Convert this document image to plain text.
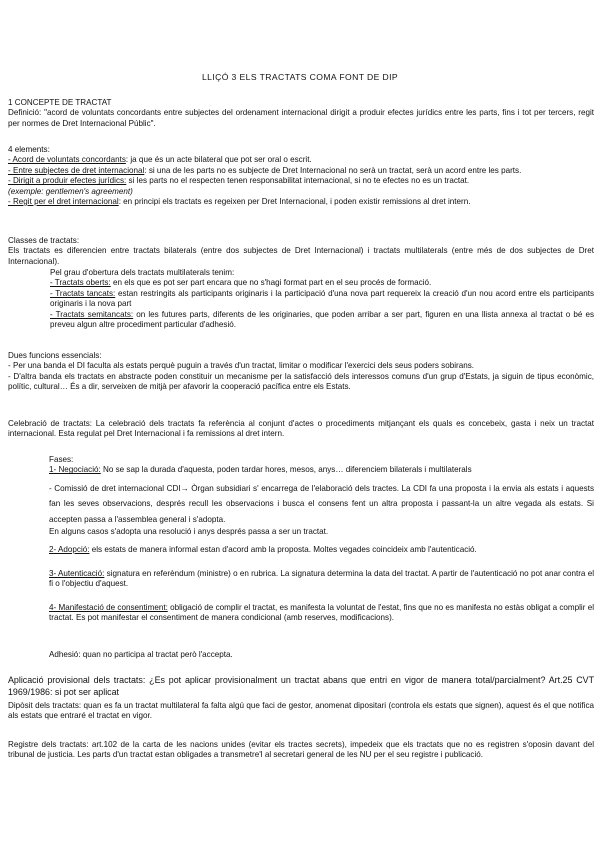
LLIÇÓ 3 ELS TRACTATS COMA FONT DE DIP
1 CONCEPTE DE TRACTAT
Definició: "acord de voluntats concordants entre subjectes del ordenament internacional dirigit a produir efectes jurídics entre les parts, fins i tot per tercers, regit per normes de Dret Internacional Públic".
4 elements:
- Acord de voluntats concordants: ja que és un acte bilateral que pot ser oral o escrit.
- Entre subjectes de dret internacional: si una de les parts no es subjecte de Dret Internacional no serà un tractat, serà un acord entre les parts.
- Dirigit a produir efectes jurídics: si les parts no el respecten tenen responsabilitat internacional, si no te efectes no es un tractat.
(exemple: gentlemen's agreement)
- Regit per el dret internacional: en principi els tractats es regeixen per Dret Internacional, i poden existir remissions al dret intern.
Classes de tractats:
Els tractats es diferencien entre tractats bilaterals (entre dos subjectes de Dret Internacional) i tractats multilaterals (entre més de dos subjectes de Dret Internacional).
Pel grau d'obertura dels tractats multilaterals tenim:
- Tractats oberts: en els que es pot ser part encara que no s'hagi format part en el seu procés de formació.
- Tractats tancats: estan restringits als participants originaris i la participació d'una nova part requereix la creació d'un nou acord entre els participants originaris i la nova part
- Tractats semitancats: on les futures parts, diferents de les originaries, que poden arribar a ser part, figuren en una llista annexa al tractat o bé es preveu algun altre procediment particular d'adhesió.
Dues funcions essencials:
- Per una banda el DI faculta als estats perquè puguin a través d'un tractat, limitar o modificar l'exercici dels seus poders sobirans.
- D'altra banda els tractats en abstracte poden constituir un mecanisme per la satisfacció dels interessos comuns d'un grup d'Estats, ja siguin de tipus econòmic, polític, cultural… És a dir, serveixen de mitjà per afavorir la cooperació pacífica entre els Estats.
Celebració de tractats: La celebració dels tractats fa referència al conjunt d'actes o procediments mitjançant els quals es concebeix, gasta i neix un tractat internacional. Esta regulat pel Dret Internacional i fa remissions al dret intern.
Fases:
1- Negociació: No se sap la durada d'aquesta, poden tardar hores, mesos, anys… diferenciem bilaterals i multilaterals
- Comissió de dret internacional CDI→ Òrgan subsidiari s' encarrega de l'elaboració dels tractes. La CDI fa una proposta i la envia als estats i aquests fan les seves observacions, després recull les observacions i busca el consens fent un altra proposta i passant-la un altre vegada als estats. Si accepten passa a l'assemblea general i s'adopta.
En alguns casos s'adopta una resolució i anys després passa a ser un tractat.
2- Adopció: els estats de manera informal estan d'acord amb la proposta. Moltes vegades coincideix amb l'autenticació.
3- Autenticació: signatura en referèndum (ministre) o en rubrica. La signatura determina la data del tractat. A partir de l'autenticació no pot anar contra el fi o l'objectiu d'aquest.
4- Manifestació de consentiment: obligació de complir el tractat, es manifesta la voluntat de l'estat, fins que no es manifesta no estàs obligat a complir el tractat. Es pot manifestar el consentiment de manera condicional (amb reserves, modificacions).
Adhesió: quan no participa al tractat però l'accepta.
Aplicació provisional dels tractats: ¿Es pot aplicar provisionalment un tractat abans que entri en vigor de manera total/parcialment? Art.25 CVT 1969/1986: si pot ser aplicat
Dipòsit dels tractats: quan es fa un tractat multilateral fa falta algú que faci de gestor, anomenat dipositari (controla els estats que signen), aquest és el que notifica als estats que entraré el tractat en vigor.
Registre dels tractats: art.102 de la carta de les nacions unides (evitar els tractes secrets), impedeix que els tractats que no es registren s'oposin davant del tribunal de justicia. Les parts d'un tractat estan obligades a transmetre'l al secretari general de les NU per el seu registre i publicació.
